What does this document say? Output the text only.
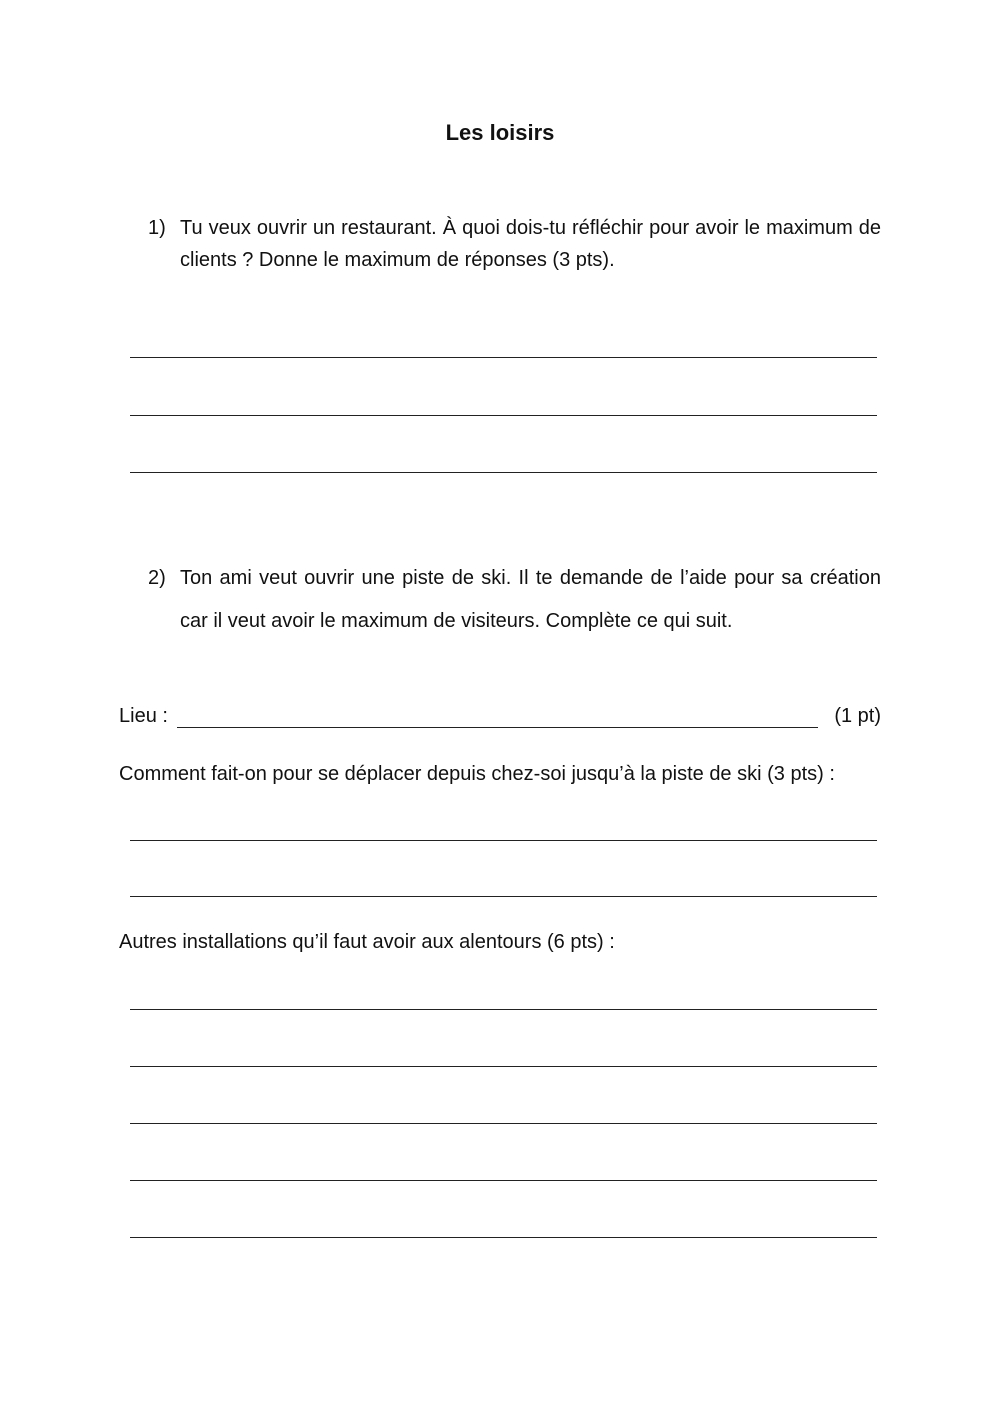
Les loisirs
1) Tu veux ouvrir un restaurant. À quoi dois-tu réfléchir pour avoir le maximum de clients ? Donne le maximum de réponses (3 pts).
2) Ton ami veut ouvrir une piste de ski. Il te demande de l’aide pour sa création car il veut avoir le maximum de visiteurs. Complète ce qui suit.
Lieu :	(1 pt)
Comment fait-on pour se déplacer depuis chez-soi jusqu’à la piste de ski (3 pts) :
Autres installations qu’il faut avoir aux alentours (6 pts) :
